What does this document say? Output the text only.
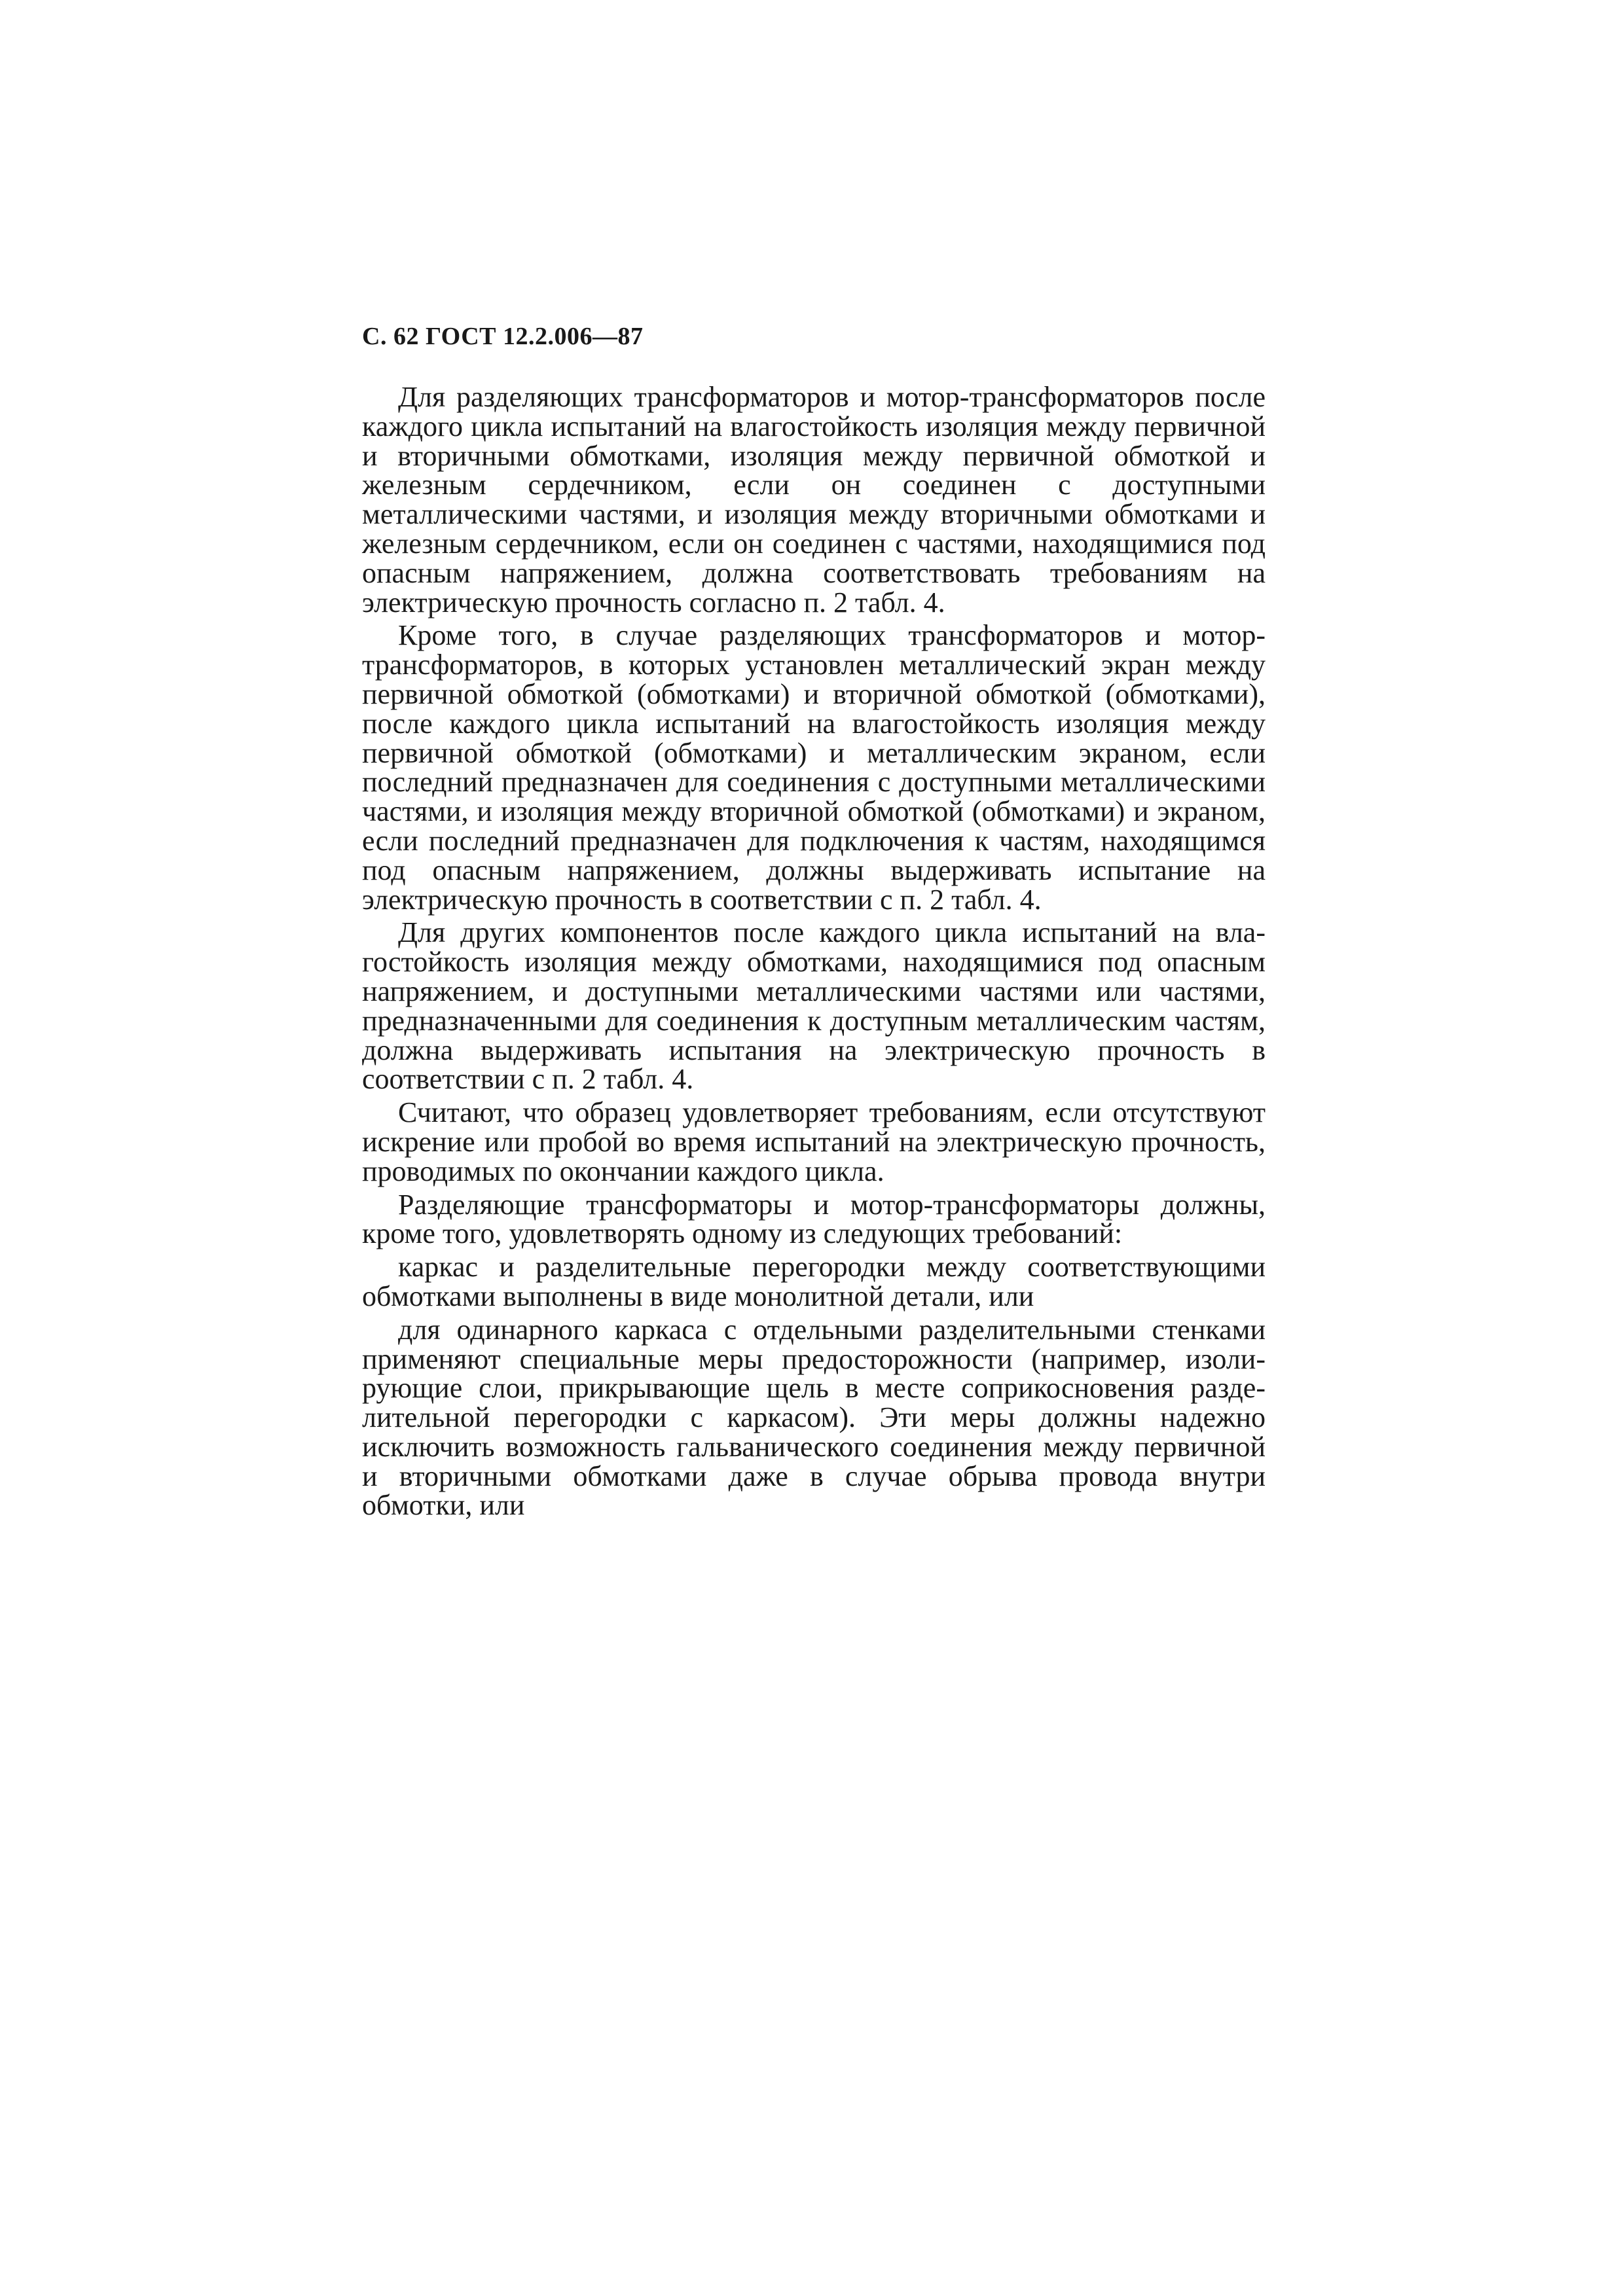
С. 62 ГОСТ 12.2.006—87

Для разделяющих трансформаторов и мотор-трансформаторов после каждого цикла испытаний на влагостойкость изоляция между первичной и вторичными обмотками, изоляция между первичной обмоткой и железным сердечником, если он соединен с доступными металлическими частями, и изоляция между вторичными обмотками и железным сердечником, если он соединен с частями, находящимися под опасным напряжением, должна соответствовать требованиям на электрическую прочность согласно п. 2 табл. 4.

Кроме того, в случае разделяющих трансформаторов и мотор-трансформаторов, в которых установлен металлический экран между первичной обмоткой (обмотками) и вторичной обмоткой (обмотками), после каждого цикла испытаний на влагостойкость изоляция между первичной обмоткой (обмотками) и металлическим экраном, если последний предназначен для соединения с доступными металлическими частями, и изоляция между вторичной обмоткой (обмотками) и экраном, если последний предназначен для подключения к частям, находящимся под опасным напряжением, должны выдерживать испытание на электрическую прочность в соответствии с п. 2 табл. 4.

Для других компонентов после каждого цикла испытаний на влагостойкость изоляция между обмотками, находящимися под опасным напряжением, и доступными металлическими частями или частями, предназначенными для соединения к доступным металлическим частям, должна выдерживать испытания на электрическую прочность в соответствии с п. 2 табл. 4.

Считают, что образец удовлетворяет требованиям, если отсутствуют искрение или пробой во время испытаний на электрическую прочность, проводимых по окончании каждого цикла.

Разделяющие трансформаторы и мотор-трансформаторы должны, кроме того, удовлетворять одному из следующих требований:

каркас и разделительные перегородки между соответствующими обмотками выполнены в виде монолитной детали, или

для одинарного каркаса с отдельными разделительными стенками применяют специальные меры предосторожности (например, изолирующие слои, прикрывающие щель в месте соприкосновения разделительной перегородки с каркасом). Эти меры должны надежно исключить возможность гальванического соединения между первичной и вторичными обмотками даже в случае обрыва провода внутри обмотки, или
